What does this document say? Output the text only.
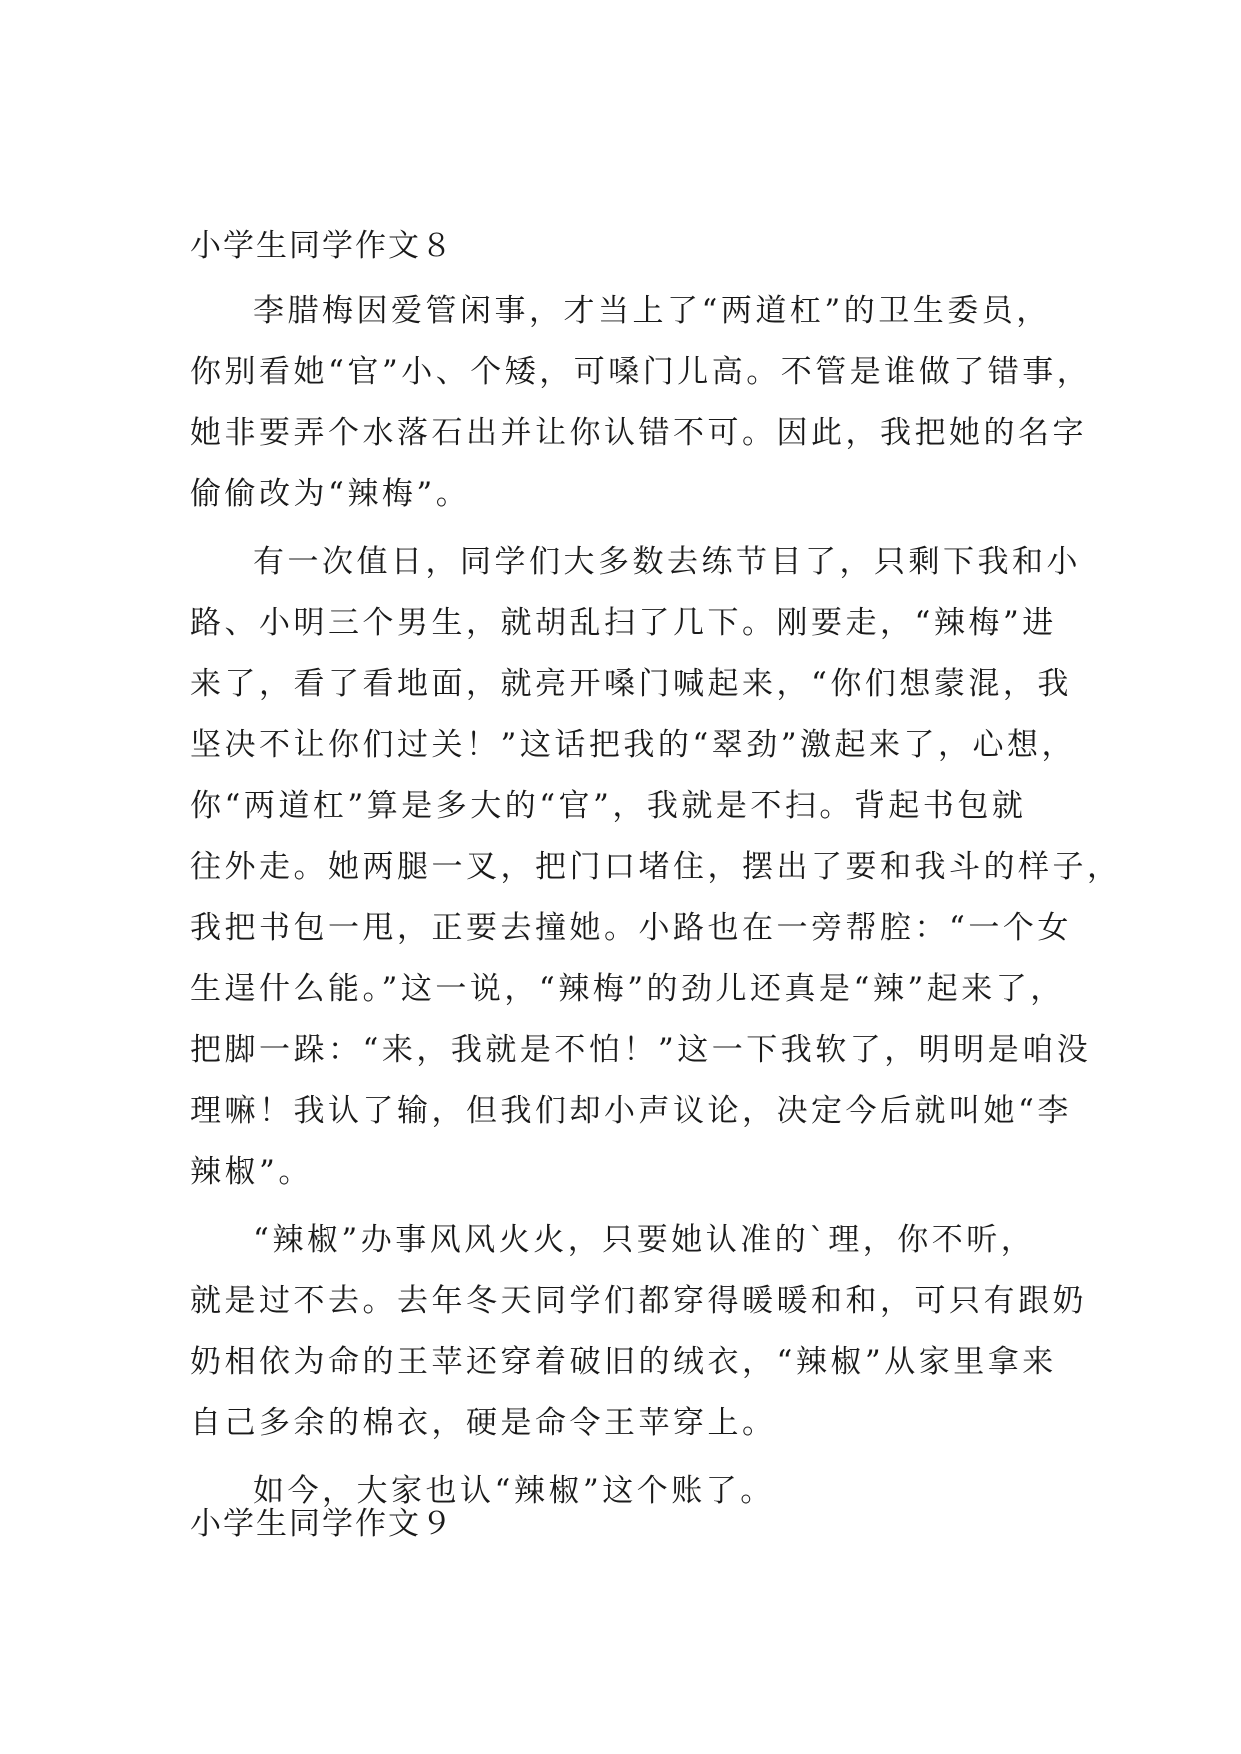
小学生同学作文８
李腊梅因爱管闲事，才当上了“两道杠”的卫生委员，
你别看她“官”小、个矮，可嗓门儿高。不管是谁做了错事，
她非要弄个水落石出并让你认错不可。因此，我把她的名字
偷偷改为“辣梅”。
有一次值日，同学们大多数去练节目了，只剩下我和小
路、小明三个男生，就胡乱扫了几下。刚要走，“辣梅”进
来了，看了看地面，就亮开嗓门喊起来，“你们想蒙混，我
坚决不让你们过关！”这话把我的“翠劲”激起来了，心想，
你“两道杠”算是多大的“官”，我就是不扫。背起书包就
往外走。她两腿一叉，把门口堵住，摆出了要和我斗的样子，
我把书包一甩，正要去撞她。小路也在一旁帮腔：“一个女
生逞什么能。”这一说，“辣梅”的劲儿还真是“辣”起来了，
把脚一跺：“来，我就是不怕！”这一下我软了，明明是咱没
理嘛！我认了输，但我们却小声议论，决定今后就叫她“李
辣椒”。
“辣椒”办事风风火火，只要她认准的`理，你不听，
就是过不去。去年冬天同学们都穿得暖暖和和，可只有跟奶
奶相依为命的王苹还穿着破旧的绒衣，“辣椒”从家里拿来
自己多余的棉衣，硬是命令王苹穿上。
如今，大家也认“辣椒”这个账了。
小学生同学作文９
